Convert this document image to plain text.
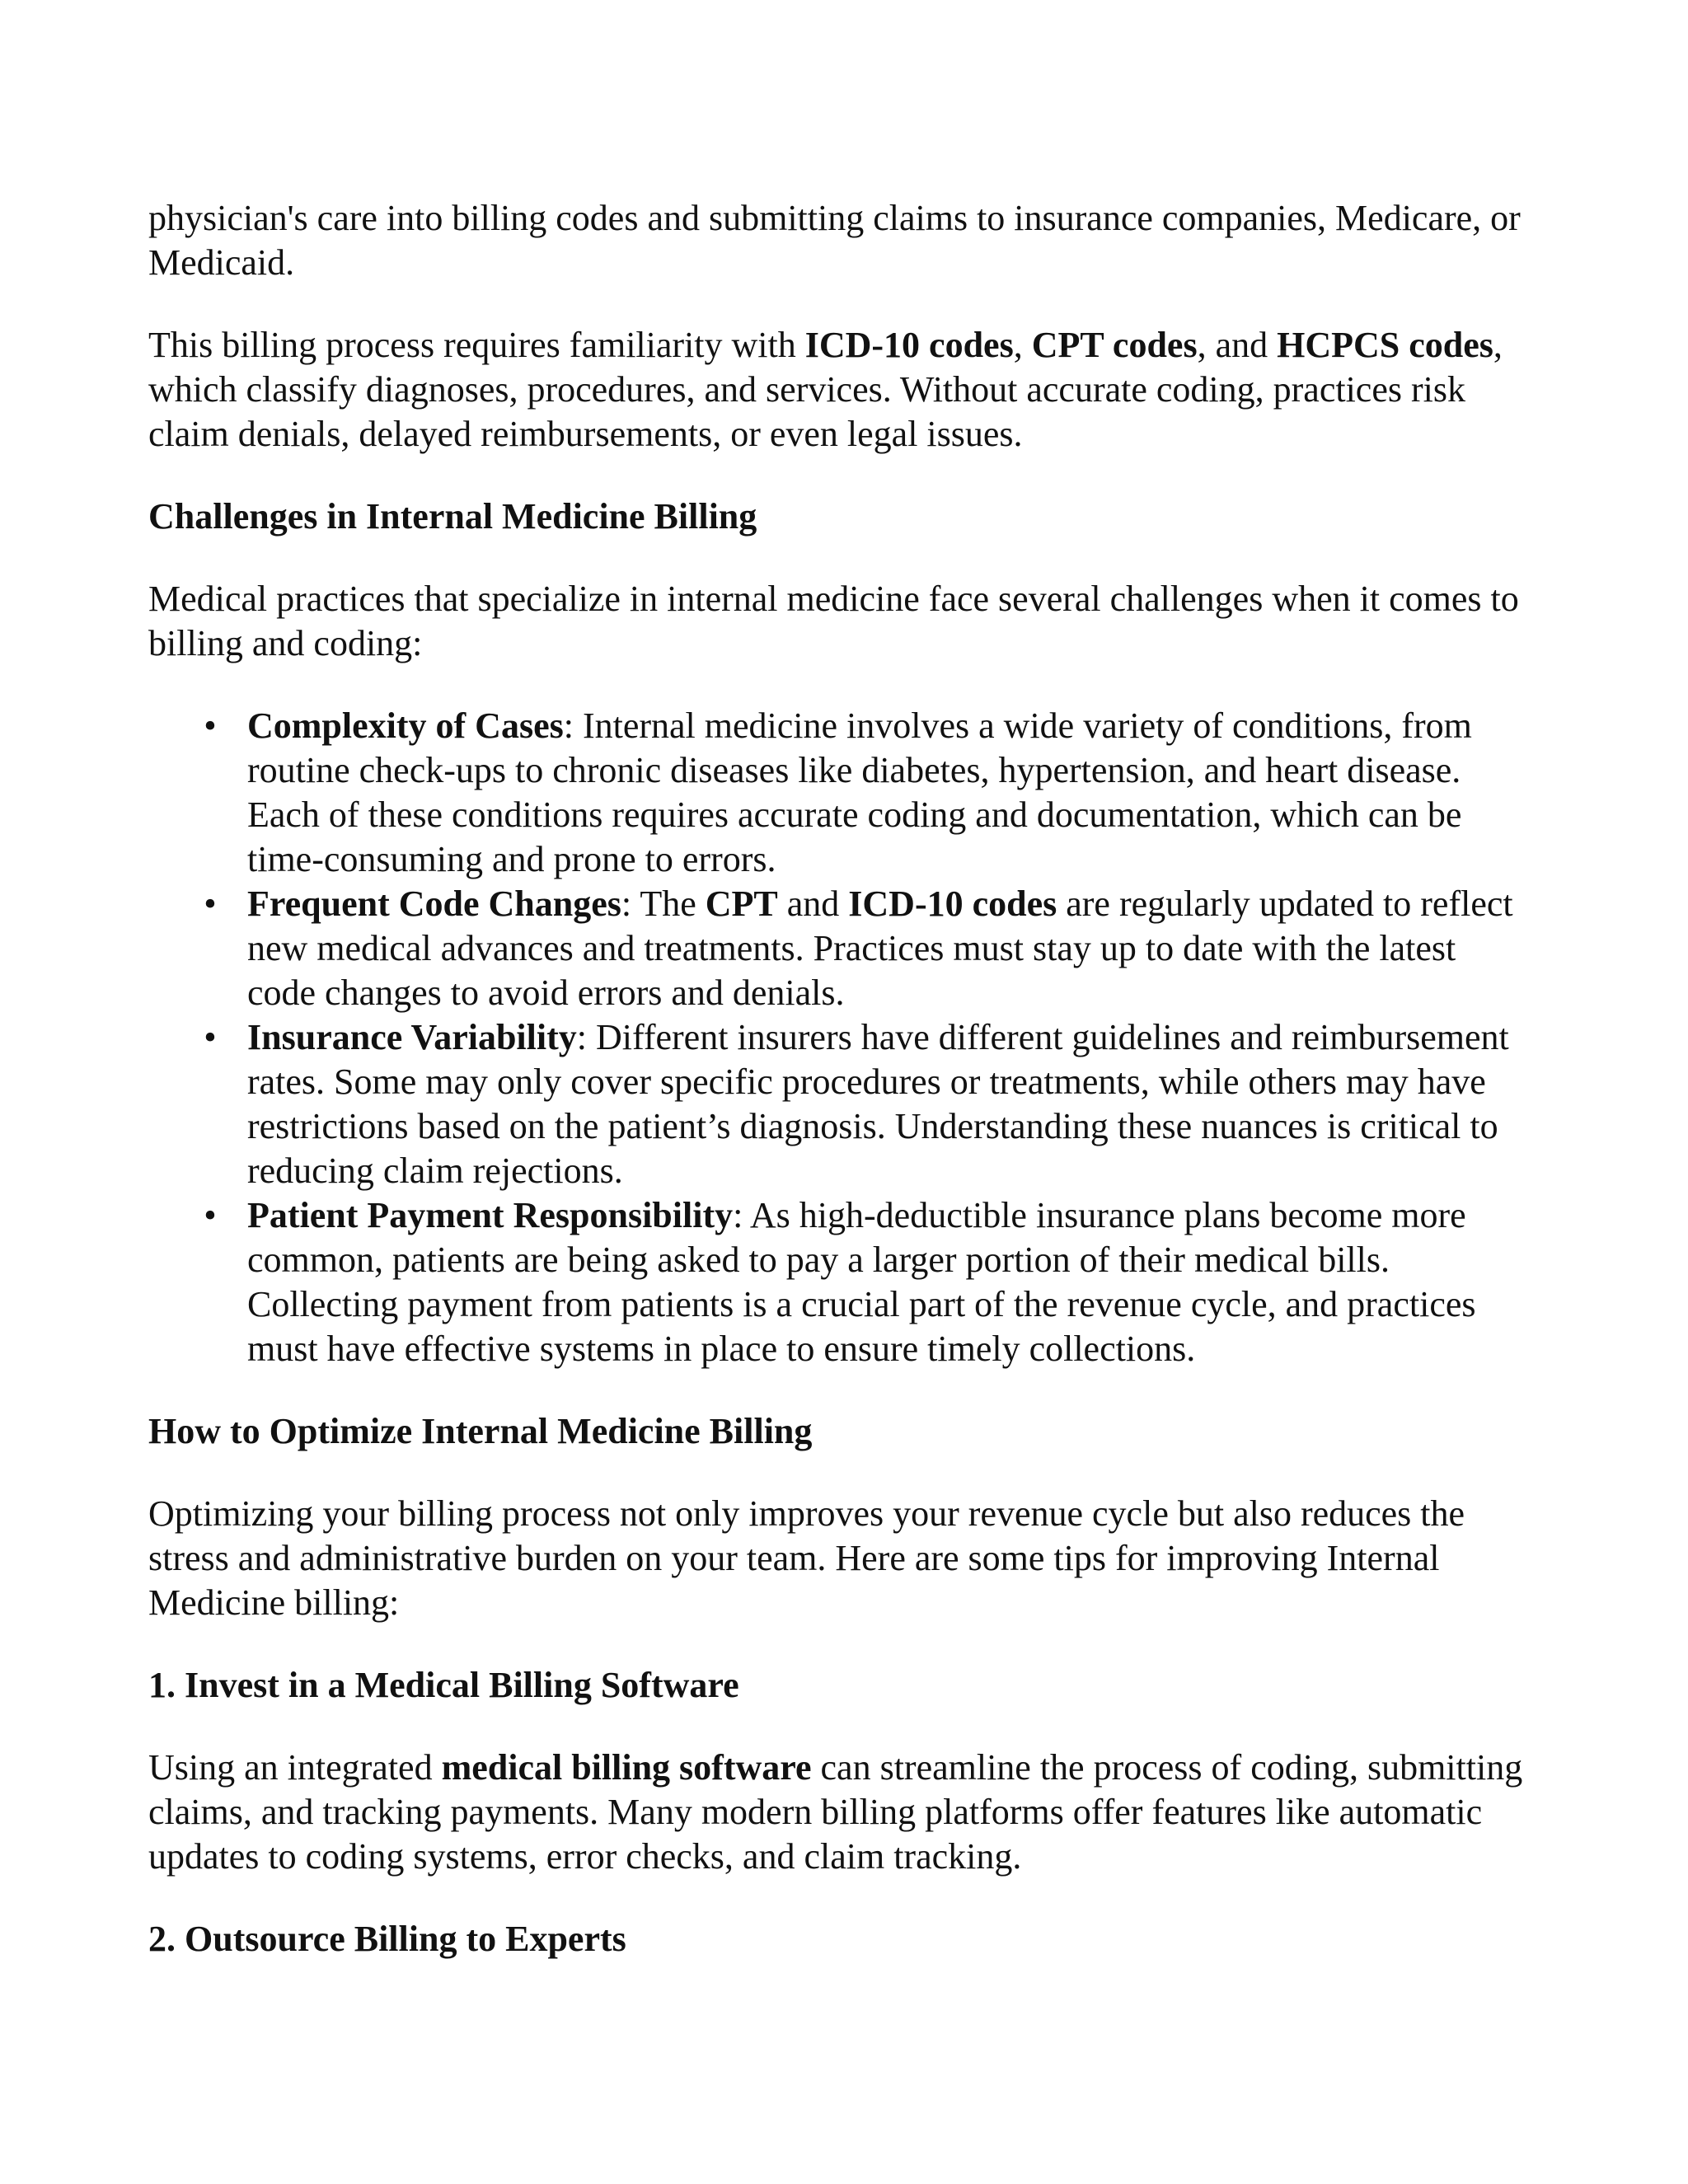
physician's care into billing codes and submitting claims to insurance companies, Medicare, or Medicaid.

This billing process requires familiarity with ICD-10 codes, CPT codes, and HCPCS codes, which classify diagnoses, procedures, and services. Without accurate coding, practices risk claim denials, delayed reimbursements, or even legal issues.

Challenges in Internal Medicine Billing

Medical practices that specialize in internal medicine face several challenges when it comes to billing and coding:

• Complexity of Cases: Internal medicine involves a wide variety of conditions, from routine check-ups to chronic diseases like diabetes, hypertension, and heart disease. Each of these conditions requires accurate coding and documentation, which can be time-consuming and prone to errors.
• Frequent Code Changes: The CPT and ICD-10 codes are regularly updated to reflect new medical advances and treatments. Practices must stay up to date with the latest code changes to avoid errors and denials.
• Insurance Variability: Different insurers have different guidelines and reimbursement rates. Some may only cover specific procedures or treatments, while others may have restrictions based on the patient’s diagnosis. Understanding these nuances is critical to reducing claim rejections.
• Patient Payment Responsibility: As high-deductible insurance plans become more common, patients are being asked to pay a larger portion of their medical bills. Collecting payment from patients is a crucial part of the revenue cycle, and practices must have effective systems in place to ensure timely collections.
How to Optimize Internal Medicine Billing

Optimizing your billing process not only improves your revenue cycle but also reduces the stress and administrative burden on your team. Here are some tips for improving Internal Medicine billing:

1. Invest in a Medical Billing Software

Using an integrated medical billing software can streamline the process of coding, submitting claims, and tracking payments. Many modern billing platforms offer features like automatic updates to coding systems, error checks, and claim tracking.

2. Outsource Billing to Experts
